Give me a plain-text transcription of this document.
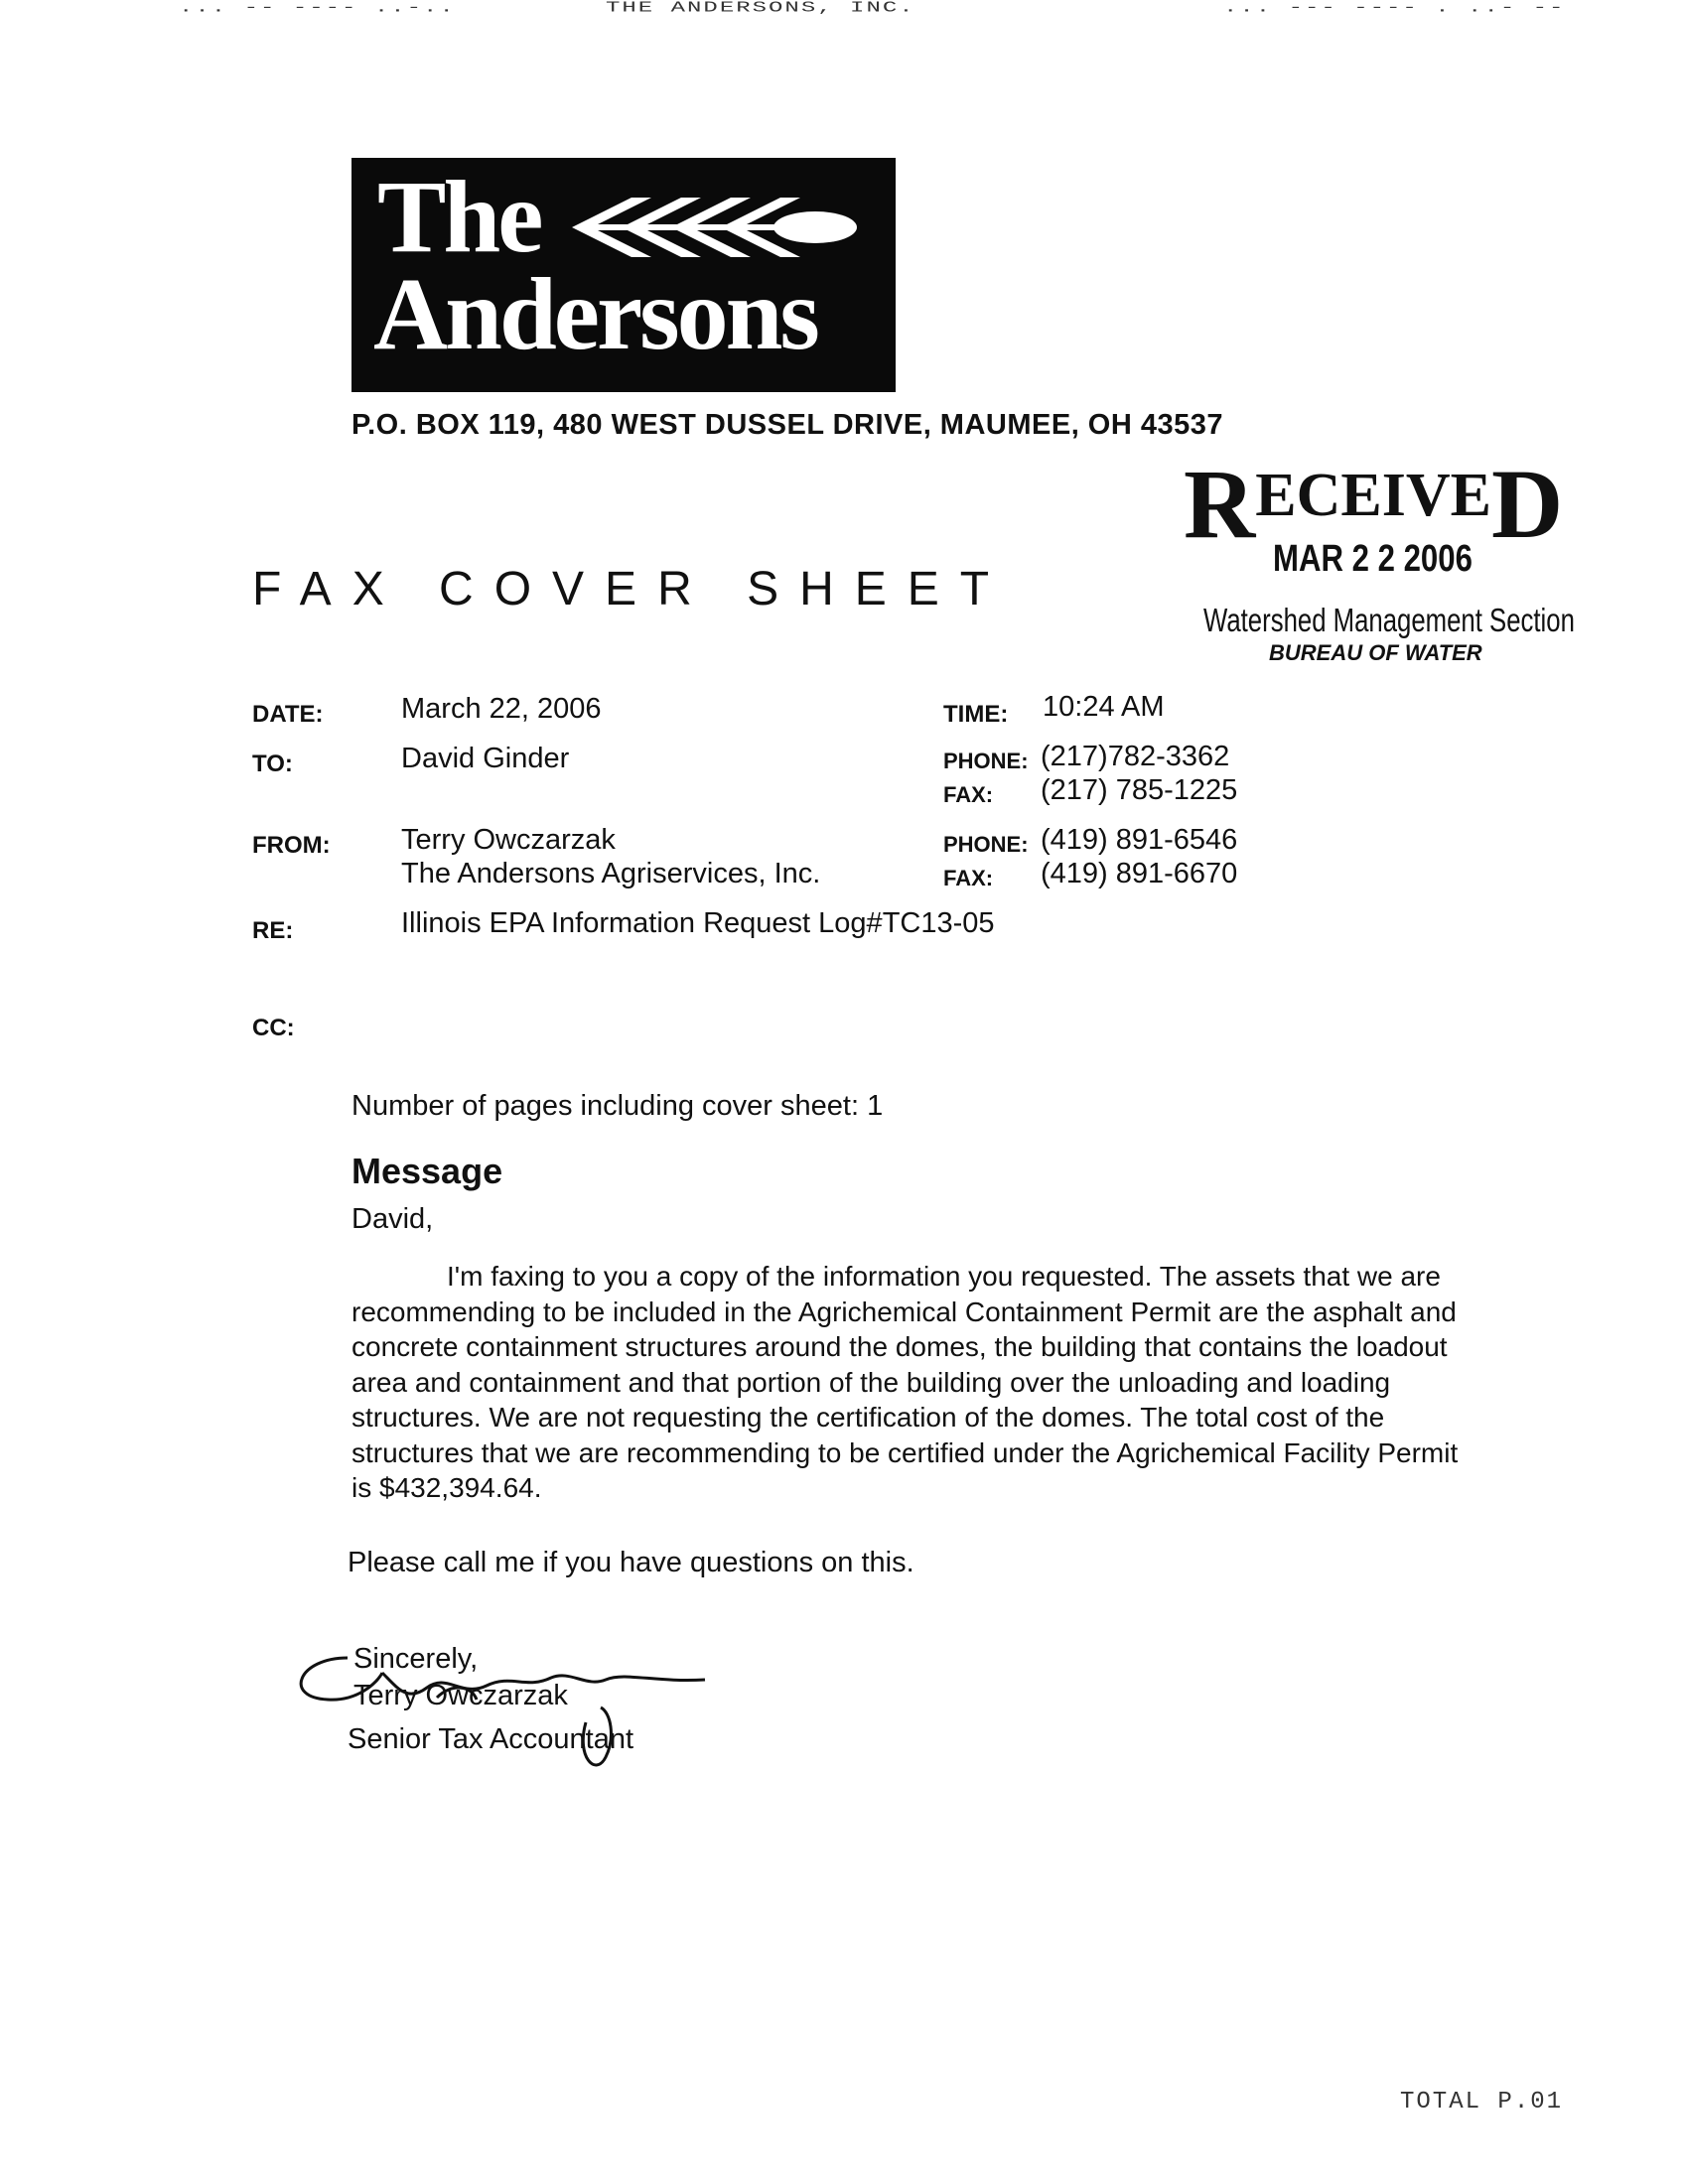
... -- ---- ..-..	THE ANDERSONS, INC.	... --- ---- . ..- --
The
Andersons
P.O. BOX 119, 480 WEST DUSSEL DRIVE, MAUMEE, OH 43537
RECEIVED
MAR 2 2 2006
Watershed Management Section
BUREAU OF WATER
FAX COVER SHEET
DATE:	March 22, 2006	TIME: 10:24 AM
TO:	David Ginder	PHONE: (217)782-3362
FAX: (217) 785-1225
FROM: Terry Owczarzak
The Andersons Agriservices, Inc.
PHONE: (419) 891-6546
FAX: (419) 891-6670
RE:	Illinois EPA Information Request Log#TC13-05
CC:
Number of pages including cover sheet: 1
Message
David,
I'm faxing to you a copy of the information you requested. The assets that we are recommending to be included in the Agrichemical Containment Permit are the asphalt and concrete containment structures around the domes, the building that contains the loadout area and containment and that portion of the building over the unloading and loading structures. We are not requesting the certification of the domes. The total cost of the structures that we are recommending to be certified under the Agrichemical Facility Permit is $432,394.64.
Please call me if you have questions on this.
Sincerely,
Terry Owczarzak
Senior Tax Accountant
TOTAL P.01
